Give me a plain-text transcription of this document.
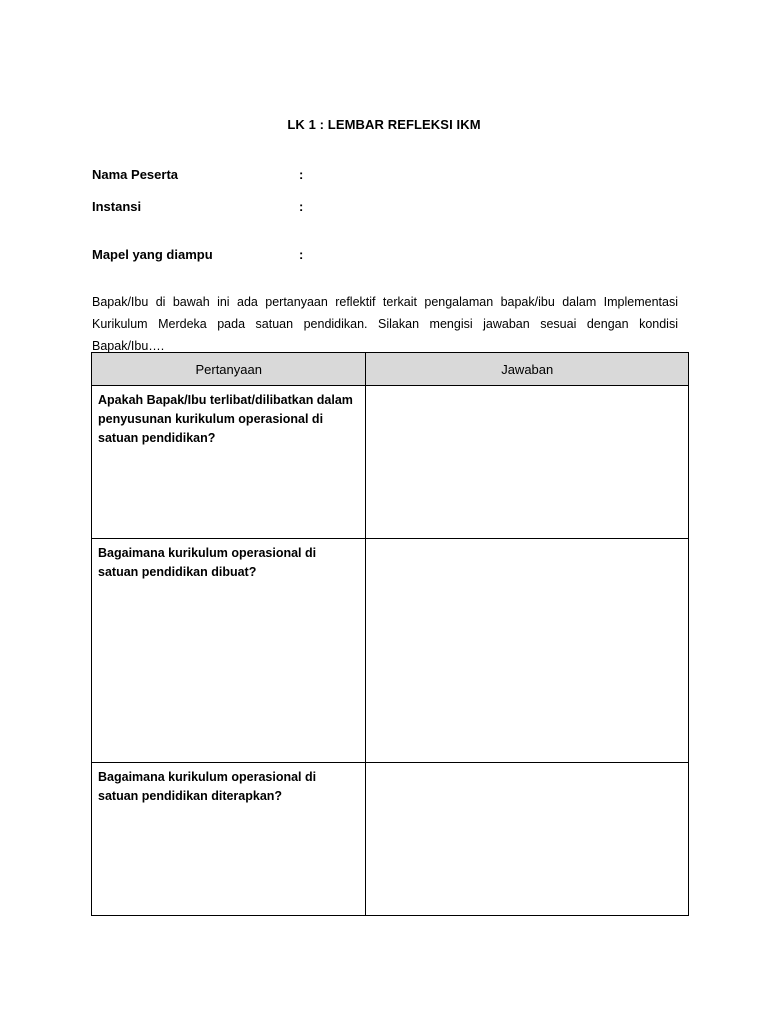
LK 1 : LEMBAR REFLEKSI IKM
Nama Peserta	:
Instansi	:
Mapel yang diampu	:
Bapak/Ibu di bawah ini ada pertanyaan reflektif terkait pengalaman bapak/ibu dalam Implementasi Kurikulum Merdeka pada satuan pendidikan. Silakan mengisi jawaban sesuai dengan kondisi Bapak/Ibu….
Pertanyaan	Jawaban
Apakah Bapak/Ibu terlibat/dilibatkan dalam penyusunan kurikulum operasional di satuan pendidikan?	
Bagaimana kurikulum operasional di satuan pendidikan dibuat?	
Bagaimana kurikulum operasional di satuan pendidikan diterapkan?	
